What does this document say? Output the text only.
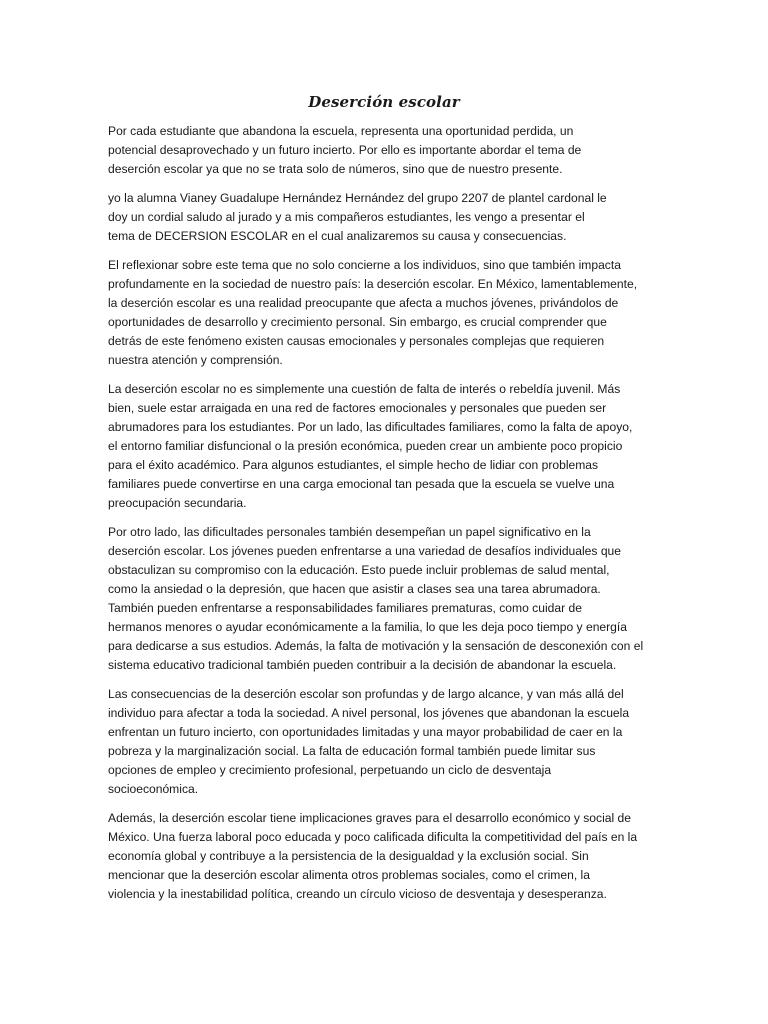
Deserción escolar

Por cada estudiante que abandona la escuela, representa una oportunidad perdida, un
potencial desaprovechado y un futuro incierto. Por ello es importante abordar el tema de
deserción escolar ya que no se trata solo de números, sino que de nuestro presente.

yo la alumna Vianey Guadalupe Hernández Hernández del grupo 2207 de plantel cardonal le
doy un cordial saludo al jurado y a mis compañeros estudiantes, les vengo a presentar el
tema de DECERSION ESCOLAR en el cual analizaremos su causa y consecuencias.

El reflexionar sobre este tema que no solo concierne a los individuos, sino que también impacta
profundamente en la sociedad de nuestro país: la deserción escolar. En México, lamentablemente,
la deserción escolar es una realidad preocupante que afecta a muchos jóvenes, privándolos de
oportunidades de desarrollo y crecimiento personal. Sin embargo, es crucial comprender que
detrás de este fenómeno existen causas emocionales y personales complejas que requieren
nuestra atención y comprensión.

La deserción escolar no es simplemente una cuestión de falta de interés o rebeldía juvenil. Más
bien, suele estar arraigada en una red de factores emocionales y personales que pueden ser
abrumadores para los estudiantes. Por un lado, las dificultades familiares, como la falta de apoyo,
el entorno familiar disfuncional o la presión económica, pueden crear un ambiente poco propicio
para el éxito académico. Para algunos estudiantes, el simple hecho de lidiar con problemas
familiares puede convertirse en una carga emocional tan pesada que la escuela se vuelve una
preocupación secundaria.

Por otro lado, las dificultades personales también desempeñan un papel significativo en la
deserción escolar. Los jóvenes pueden enfrentarse a una variedad de desafíos individuales que
obstaculizan su compromiso con la educación. Esto puede incluir problemas de salud mental,
como la ansiedad o la depresión, que hacen que asistir a clases sea una tarea abrumadora.
También pueden enfrentarse a responsabilidades familiares prematuras, como cuidar de
hermanos menores o ayudar económicamente a la familia, lo que les deja poco tiempo y energía
para dedicarse a sus estudios. Además, la falta de motivación y la sensación de desconexión con el
sistema educativo tradicional también pueden contribuir a la decisión de abandonar la escuela.

Las consecuencias de la deserción escolar son profundas y de largo alcance, y van más allá del
individuo para afectar a toda la sociedad. A nivel personal, los jóvenes que abandonan la escuela
enfrentan un futuro incierto, con oportunidades limitadas y una mayor probabilidad de caer en la
pobreza y la marginalización social. La falta de educación formal también puede limitar sus
opciones de empleo y crecimiento profesional, perpetuando un ciclo de desventaja
socioeconómica.

Además, la deserción escolar tiene implicaciones graves para el desarrollo económico y social de
México. Una fuerza laboral poco educada y poco calificada dificulta la competitividad del país en la
economía global y contribuye a la persistencia de la desigualdad y la exclusión social. Sin
mencionar que la deserción escolar alimenta otros problemas sociales, como el crimen, la
violencia y la inestabilidad política, creando un círculo vicioso de desventaja y desesperanza.
